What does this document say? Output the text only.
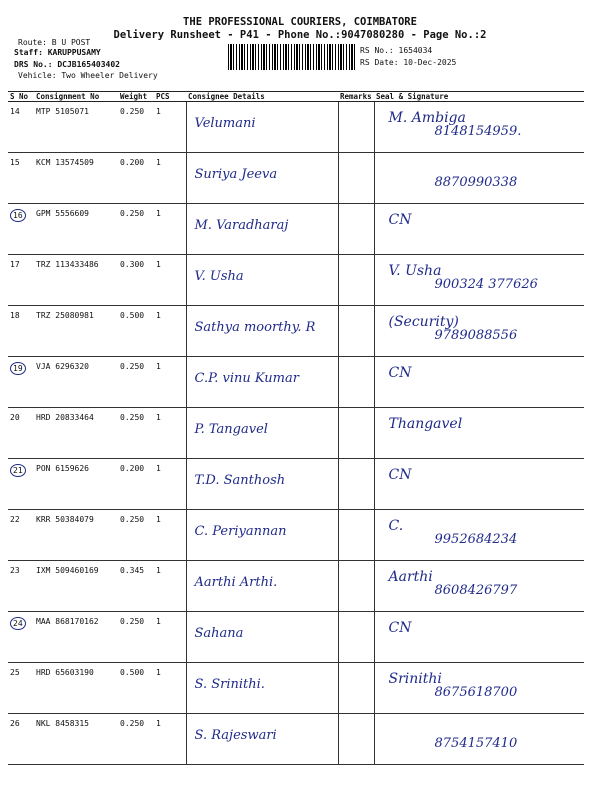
THE PROFESSIONAL COURIERS, COIMBATORE
Delivery Runsheet - P41 - Phone No.:9047080280 - Page No.:2
Route: B U POST
Staff: KARUPPUSAMY
DRS No.: DCJB165403402
Vehicle: Two Wheeler Delivery
RS No.: 1654034
RS Date: 10-Dec-2025
S No	Consignment No	Weight	PCS	Consignee Details	Remarks	Seal & Signature
14	MTP 5105071	0.250	1	Velumani		M. Ambiga
8148154959.

15	KCM 13574509	0.200	1	Suriya Jeeva		8870990338

16	GPM 5556609	0.250	1	M. Varadharaj		CN

17	TRZ 113433486	0.300	1	V. Usha		V. Usha
900324 377626

18	TRZ 25080981	0.500	1	Sathya moorthy. R		(Security)
9789088556

19	VJA 6296320	0.250	1	C.P. vinu Kumar		CN

20	HRD 20833464	0.250	1	P. Tangavel		Thangavel

21	PON 6159626	0.200	1	T.D. Santhosh		CN

22	KRR 50384079	0.250	1	C. Periyannan		C.
9952684234

23	IXM 509460169	0.345	1	Aarthi Arthi.		Aarthi
8608426797

24	MAA 868170162	0.250	1	Sahana		CN

25	HRD 65603190	0.500	1	S. Srinithi.		Srinithi
8675618700

26	NKL 8458315	0.250	1	S. Rajeswari		8754157410
